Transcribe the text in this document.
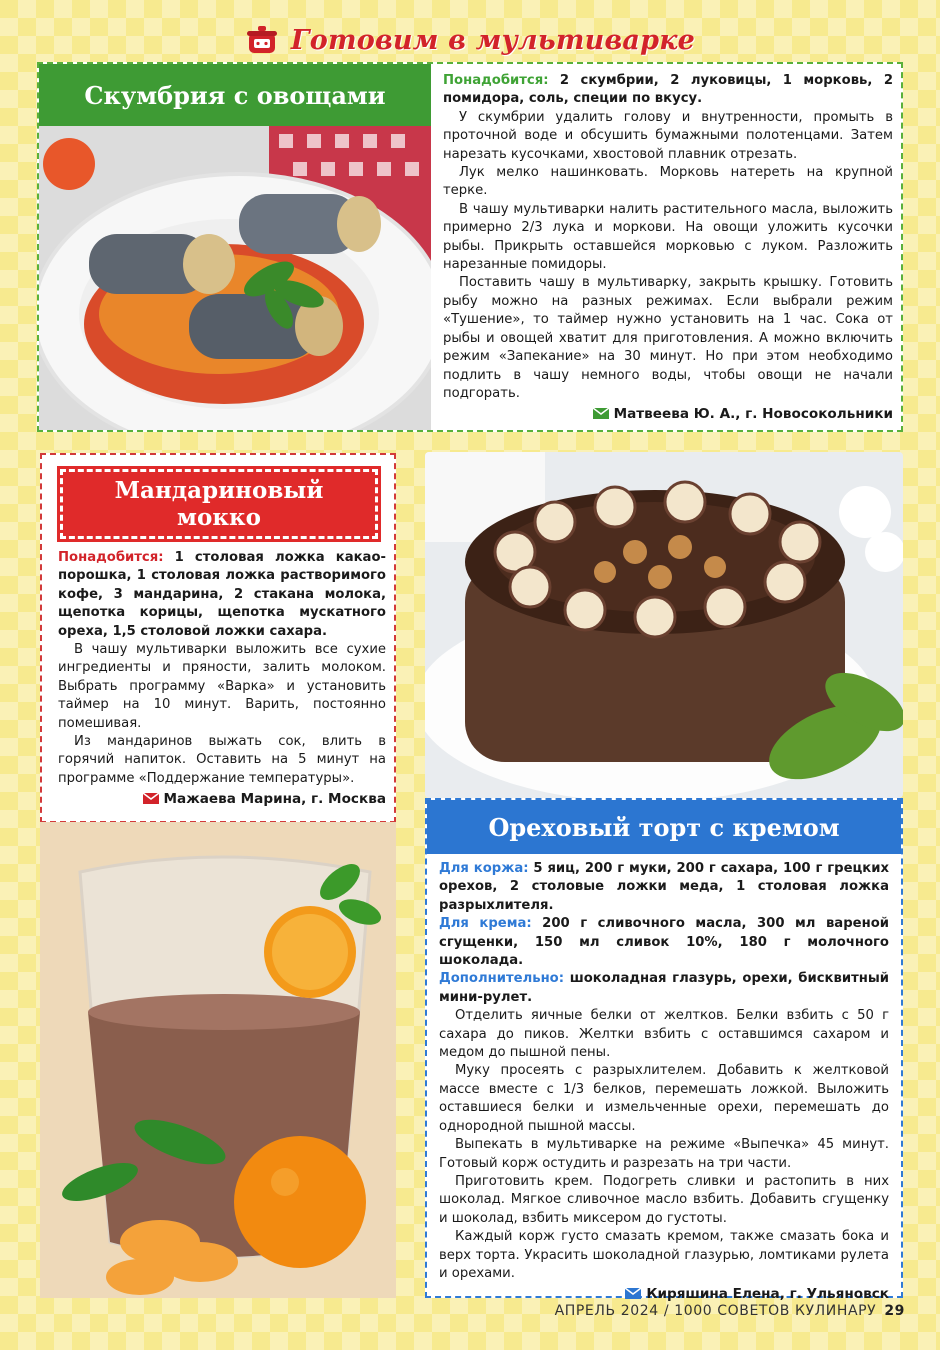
Готовим в мультиварке
Скумбрия с овощами	Понадобится: 2 скумбрии, 2 луковицы, 1 морковь, 2 помидора, соль, специи по вкусу.

У скумбрии удалить голову и внутренности, промыть в проточной воде и обсушить бумажными полотенцами. Затем нарезать кусочками, хвостовой плавник отрезать.

Лук мелко нашинковать. Морковь натереть на крупной терке.

В чашу мультиварки налить растительного масла, выложить примерно 2/3 лука и моркови. На овощи уложить кусочки рыбы. Прикрыть оставшейся морковью с луком. Разложить нарезанные помидоры.

Поставить чашу в мультиварку, закрыть крышку. Готовить рыбу можно на разных режимах. Если выбрали режим «Тушение», то таймер нужно установить на 1 час. Сока от рыбы и овощей хватит для приготовления. А можно включить режим «Запекание» на 30 минут. Но при этом необходимо подлить в чашу немного воды, чтобы овощи не начали подгорать.

Матвеева Ю. А., г. Новосокольники
Мандариновый
мокко

Понадобится: 1 столовая ложка какао-порошка, 1 столовая ложка растворимого кофе, 3 мандарина, 2 стакана молока, щепотка корицы, щепотка мускатного ореха, 1,5 столовой ложки сахара.

В чашу мультиварки выложить все сухие ингредиенты и пряности, залить молоком. Выбрать программу «Варка» и установить таймер на 10 минут. Варить, постоянно помешивая.

Из мандаринов выжать сок, влить в горячий напиток. Оставить на 5 минут на программе «Поддержание температуры».

Мажаева Марина, г. Москва
Ореховый торт с кремом

Для коржа: 5 яиц, 200 г муки, 200 г сахара, 100 г грецких орехов, 2 столовые ложки меда, 1 столовая ложка разрыхлителя.

Для крема: 200 г сливочного масла, 300 мл вареной сгущенки, 150 мл сливок 10%, 180 г молочного шоколада.

Дополнительно: шоколадная глазурь, орехи, бисквитный мини-рулет.

Отделить яичные белки от желтков. Белки взбить с 50 г сахара до пиков. Желтки взбить с оставшимся сахаром и медом до пышной пены.

Муку просеять с разрыхлителем. Добавить к желтковой массе вместе с 1/3 белков, перемешать ложкой. Выложить оставшиеся белки и измельченные орехи, перемешать до однородной пышной массы.

Выпекать в мультиварке на режиме «Выпечка» 45 минут. Готовый корж остудить и разрезать на три части.

Приготовить крем. Подогреть сливки и растопить в них шоколад. Мягкое сливочное масло взбить. Добавить сгущенку и шоколад, взбить миксером до густоты.

Каждый корж густо смазать кремом, также смазать бока и верх торта. Украсить шоколадной глазурью, ломтиками рулета и орехами.

Киряшина Елена, г. Ульяновск
АПРЕЛЬ 2024 / 1000 СОВЕТОВ КУЛИНАРУ 29
